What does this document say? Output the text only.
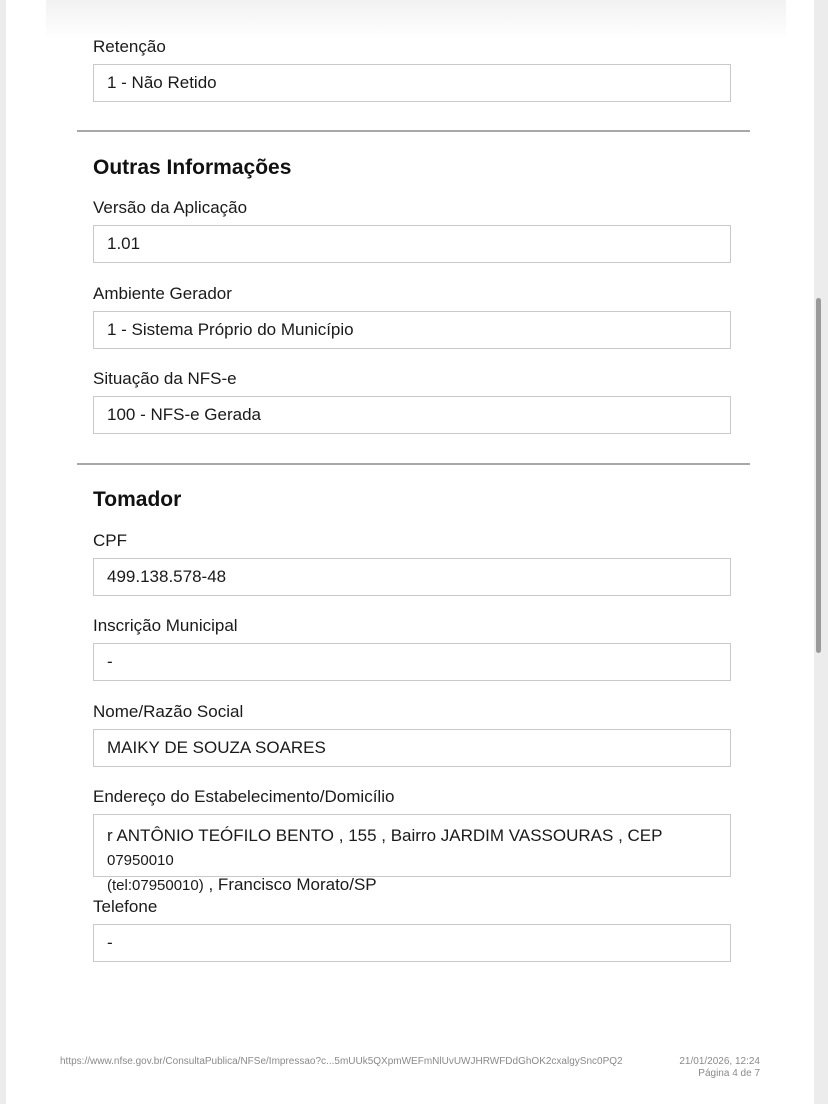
Retenção
1 - Não Retido
Outras Informações
Versão da Aplicação
1.01
Ambiente Gerador
1 - Sistema Próprio do Município
Situação da NFS-e
100 - NFS-e Gerada
Tomador
CPF
499.138.578-48
Inscrição Municipal
-
Nome/Razão Social
MAIKY DE SOUZA SOARES
Endereço do Estabelecimento/Domicílio
r ANTÔNIO TEÓFILO BENTO , 155 , Bairro JARDIM VASSOURAS , CEP 07950010
(tel:07950010) , Francisco Morato/SP
Telefone
-
https://www.nfse.gov.br/ConsultaPublica/NFSe/Impressao?c...5mUUk5QXpmWEFmNlUvUWJHRWFDdGhOK2cxalgySnc0PQ2	21/01/2026, 12:24
Página 4 de 7
